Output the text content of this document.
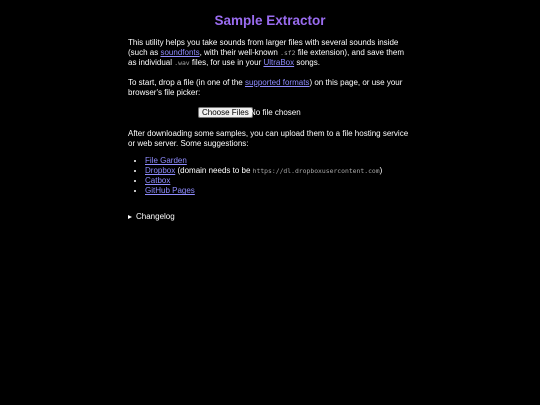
Sample Extractor

This utility helps you take sounds from larger files with several sounds inside (such as soundfonts, with their well-known .sf2 file extension), and save them as individual .wav files, for use in your UltraBox songs.

To start, drop a file (in one of the supported formats) on this page, or use your browser's file picker:

Choose Files No file chosen

After downloading some samples, you can upload them to a file hosting service or web server. Some suggestions:

• File Garden
• Dropbox (domain needs to be https://dl.dropboxusercontent.com)
• Catbox
• GitHub Pages
Changelog
